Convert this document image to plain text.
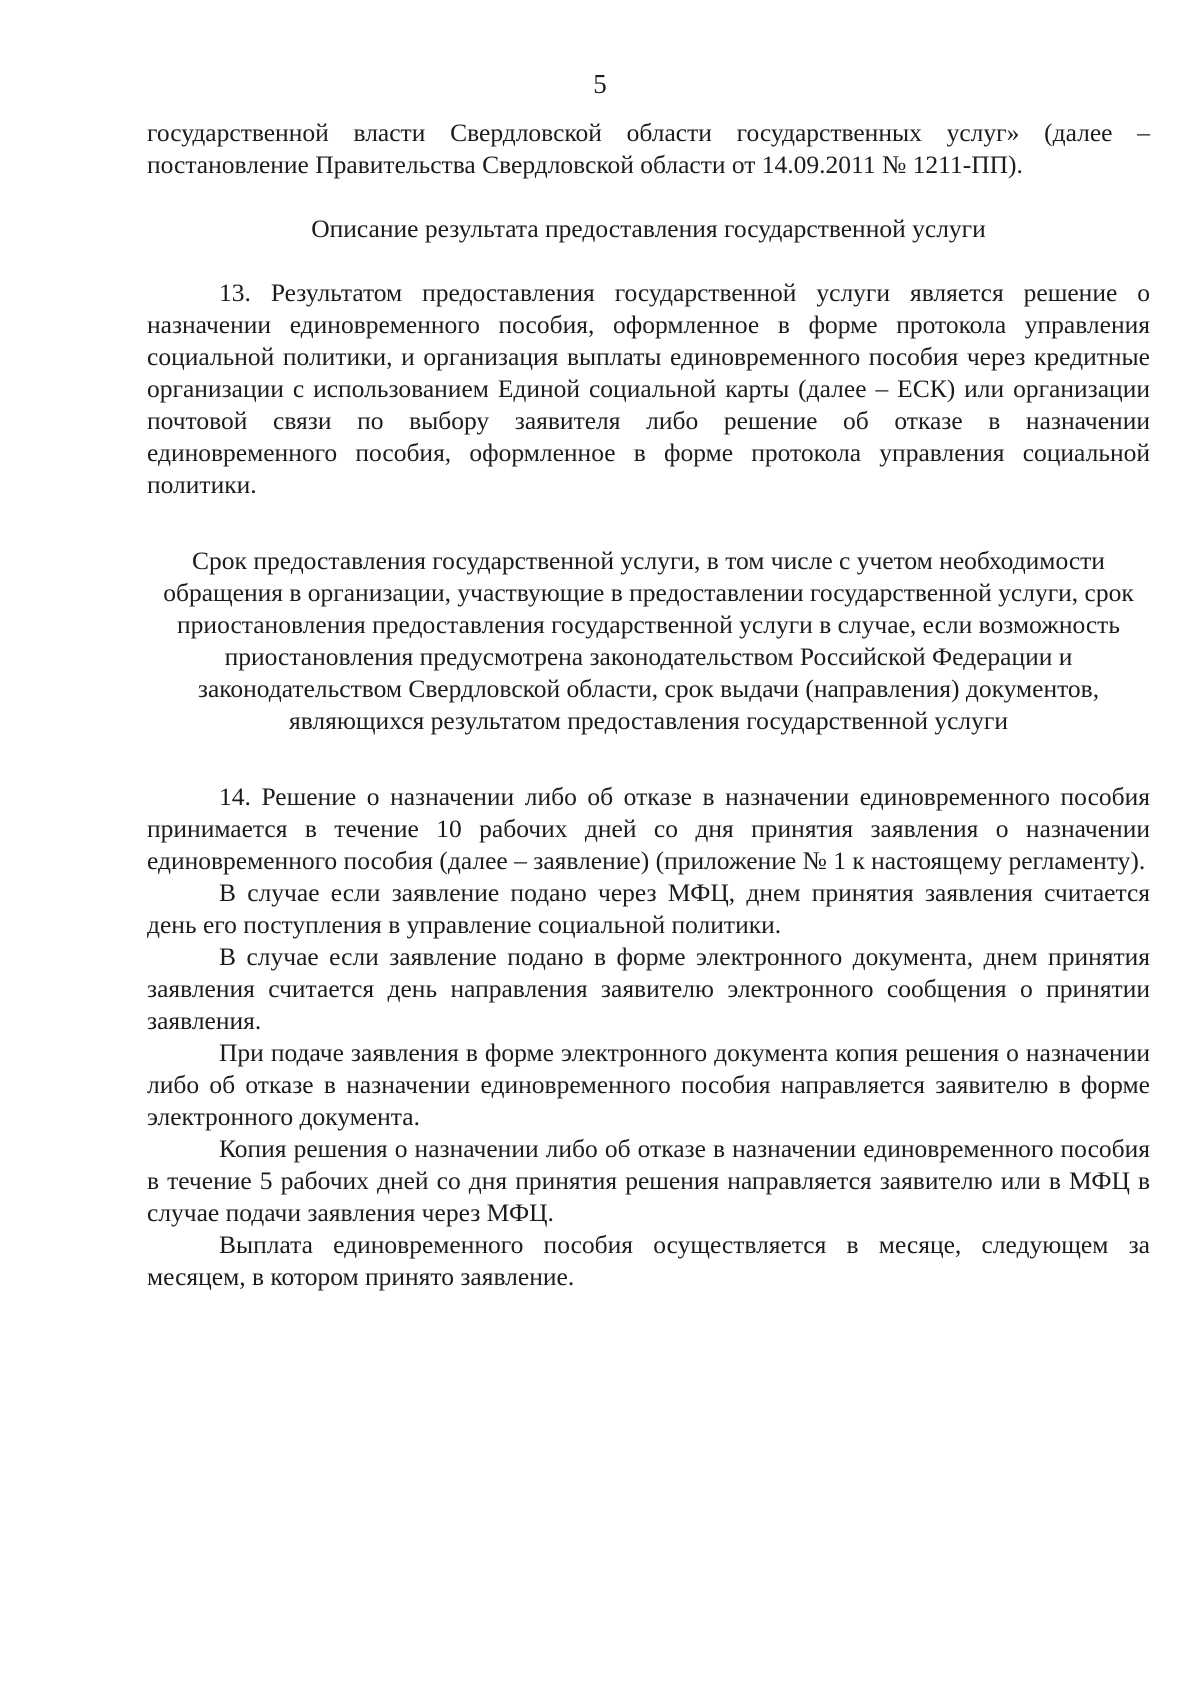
5

государственной власти Свердловской области государственных услуг» (далее – постановление Правительства Свердловской области от 14.09.2011 № 1211-ПП).

Описание результата предоставления государственной услуги

13. Результатом предоставления государственной услуги является решение о назначении единовременного пособия, оформленное в форме протокола управления социальной политики, и организация выплаты единовременного пособия через кредитные организации с использованием Единой социальной карты (далее – ЕСК) или организации почтовой связи по выбору заявителя либо решение об отказе в назначении единовременного пособия, оформленное в форме протокола управления социальной политики.

Срок предоставления государственной услуги, в том числе с учетом необходимости обращения в организации, участвующие в предоставлении государственной услуги, срок приостановления предоставления государственной услуги в случае, если возможность приостановления предусмотрена законодательством Российской Федерации и законодательством Свердловской области, срок выдачи (направления) документов, являющихся результатом предоставления государственной услуги

14. Решение о назначении либо об отказе в назначении единовременного пособия принимается в течение 10 рабочих дней со дня принятия заявления о назначении единовременного пособия (далее – заявление) (приложение № 1 к настоящему регламенту).

В случае если заявление подано через МФЦ, днем принятия заявления считается день его поступления в управление социальной политики.

В случае если заявление подано в форме электронного документа, днем принятия заявления считается день направления заявителю электронного сообщения о принятии заявления.

При подаче заявления в форме электронного документа копия решения о назначении либо об отказе в назначении единовременного пособия направляется заявителю в форме электронного документа.

Копия решения о назначении либо об отказе в назначении единовременного пособия в течение 5 рабочих дней со дня принятия решения направляется заявителю или в МФЦ в случае подачи заявления через МФЦ.

Выплата единовременного пособия осуществляется в месяце, следующем за месяцем, в котором принято заявление.
